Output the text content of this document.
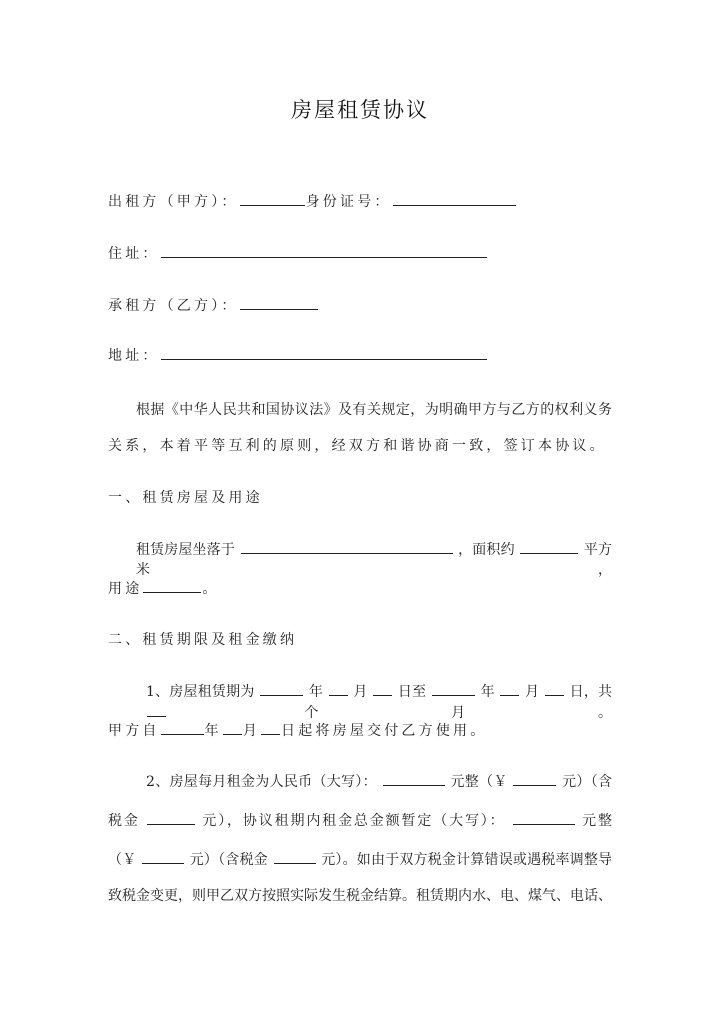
房屋租赁协议
出租方（甲方）：	身份证号：
住址：
承租方（乙方）：
地址：
根据《中华人民共和国协议法》及有关规定，为明确甲方与乙方的权利义务
关系，本着平等互利的原则，经双方和谐协商一致，签订本协议。
一、租赁房屋及用途
租赁房屋坐落于	，面积约	平方米，
用途	。
二、租赁期限及租金缴纳
1、房屋租赁期为	年 月 日至	年 月 日，共  个月。
甲方自	年 月 日起将房屋交付乙方使用。
2、房屋每月租金为人民币（大写）：	元整（￥	元）（含
税金	元），协议租期内租金总金额暂定（大写）：	元整
（￥	元）（含税金	元）。如由于双方税金计算错误或遇税率调整导
致税金变更，则甲乙双方按照实际发生税金结算。租赁期内水、电、煤气、电话、
